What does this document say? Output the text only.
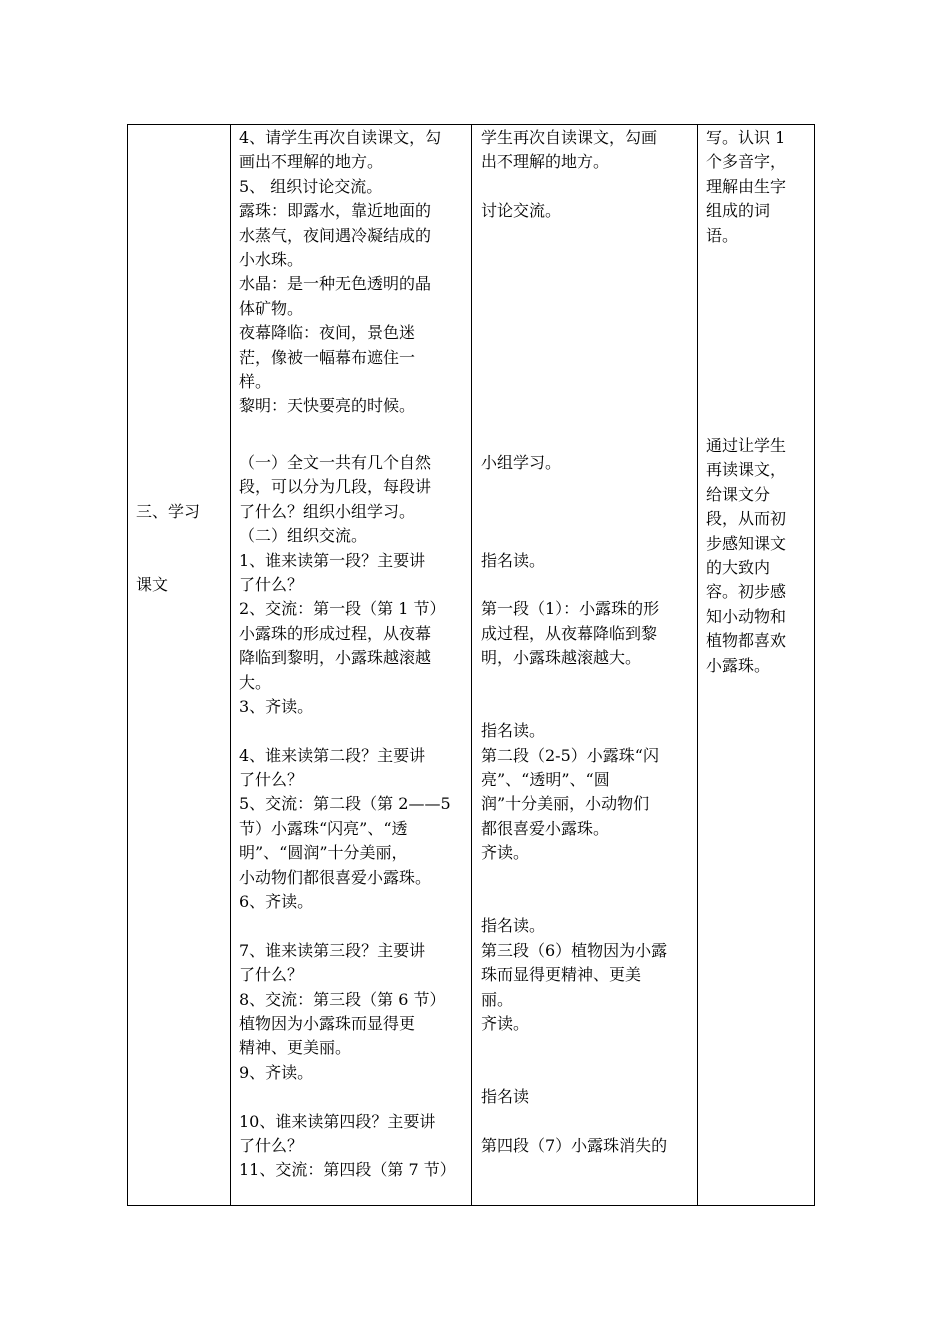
三、学习

课文

4、请学生再次自读课文，勾
画出不理解的地方。
5、 组织讨论交流。
露珠：即露水，靠近地面的
水蒸气，夜间遇冷凝结成的
小水珠。
水晶：是一种无色透明的晶
体矿物。
夜幕降临：夜间，景色迷
茫，像被一幅幕布遮住一
样。
黎明：天快要亮的时候。
（一）全文一共有几个自然
段，可以分为几段，每段讲
了什么？组织小组学习。
（二）组织交流。
1、谁来读第一段？主要讲
了什么？
2、交流：第一段（第 1 节）
小露珠的形成过程，从夜幕
降临到黎明，小露珠越滚越
大。
3、齐读。
4、谁来读第二段？主要讲
了什么？
5、交流：第二段（第 2——5
节）小露珠“闪亮”、“透
明”、“圆润”十分美丽，
小动物们都很喜爱小露珠。
6、齐读。
7、谁来读第三段？主要讲
了什么？
8、交流：第三段（第 6 节）
植物因为小露珠而显得更
精神、更美丽。
9、齐读。
10、谁来读第四段？主要讲
了什么？
11、交流：第四段（第 7 节）
学生再次自读课文，勾画
出不理解的地方。
讨论交流。
小组学习。
指名读。
第一段（1）：小露珠的形
成过程，从夜幕降临到黎
明，小露珠越滚越大。
指名读。
第二段（2-5）小露珠“闪
亮”、“透明”、“圆
润”十分美丽，小动物们
都很喜爱小露珠。
齐读。
指名读。
第三段（6）植物因为小露
珠而显得更精神、更美
丽。
齐读。
指名读
第四段（7）小露珠消失的
写。认识 1
个多音字，
理解由生字
组成的词
语。
通过让学生
再读课文，
给课文分
段，从而初
步感知课文
的大致内
容。初步感
知小动物和
植物都喜欢
小露珠。
